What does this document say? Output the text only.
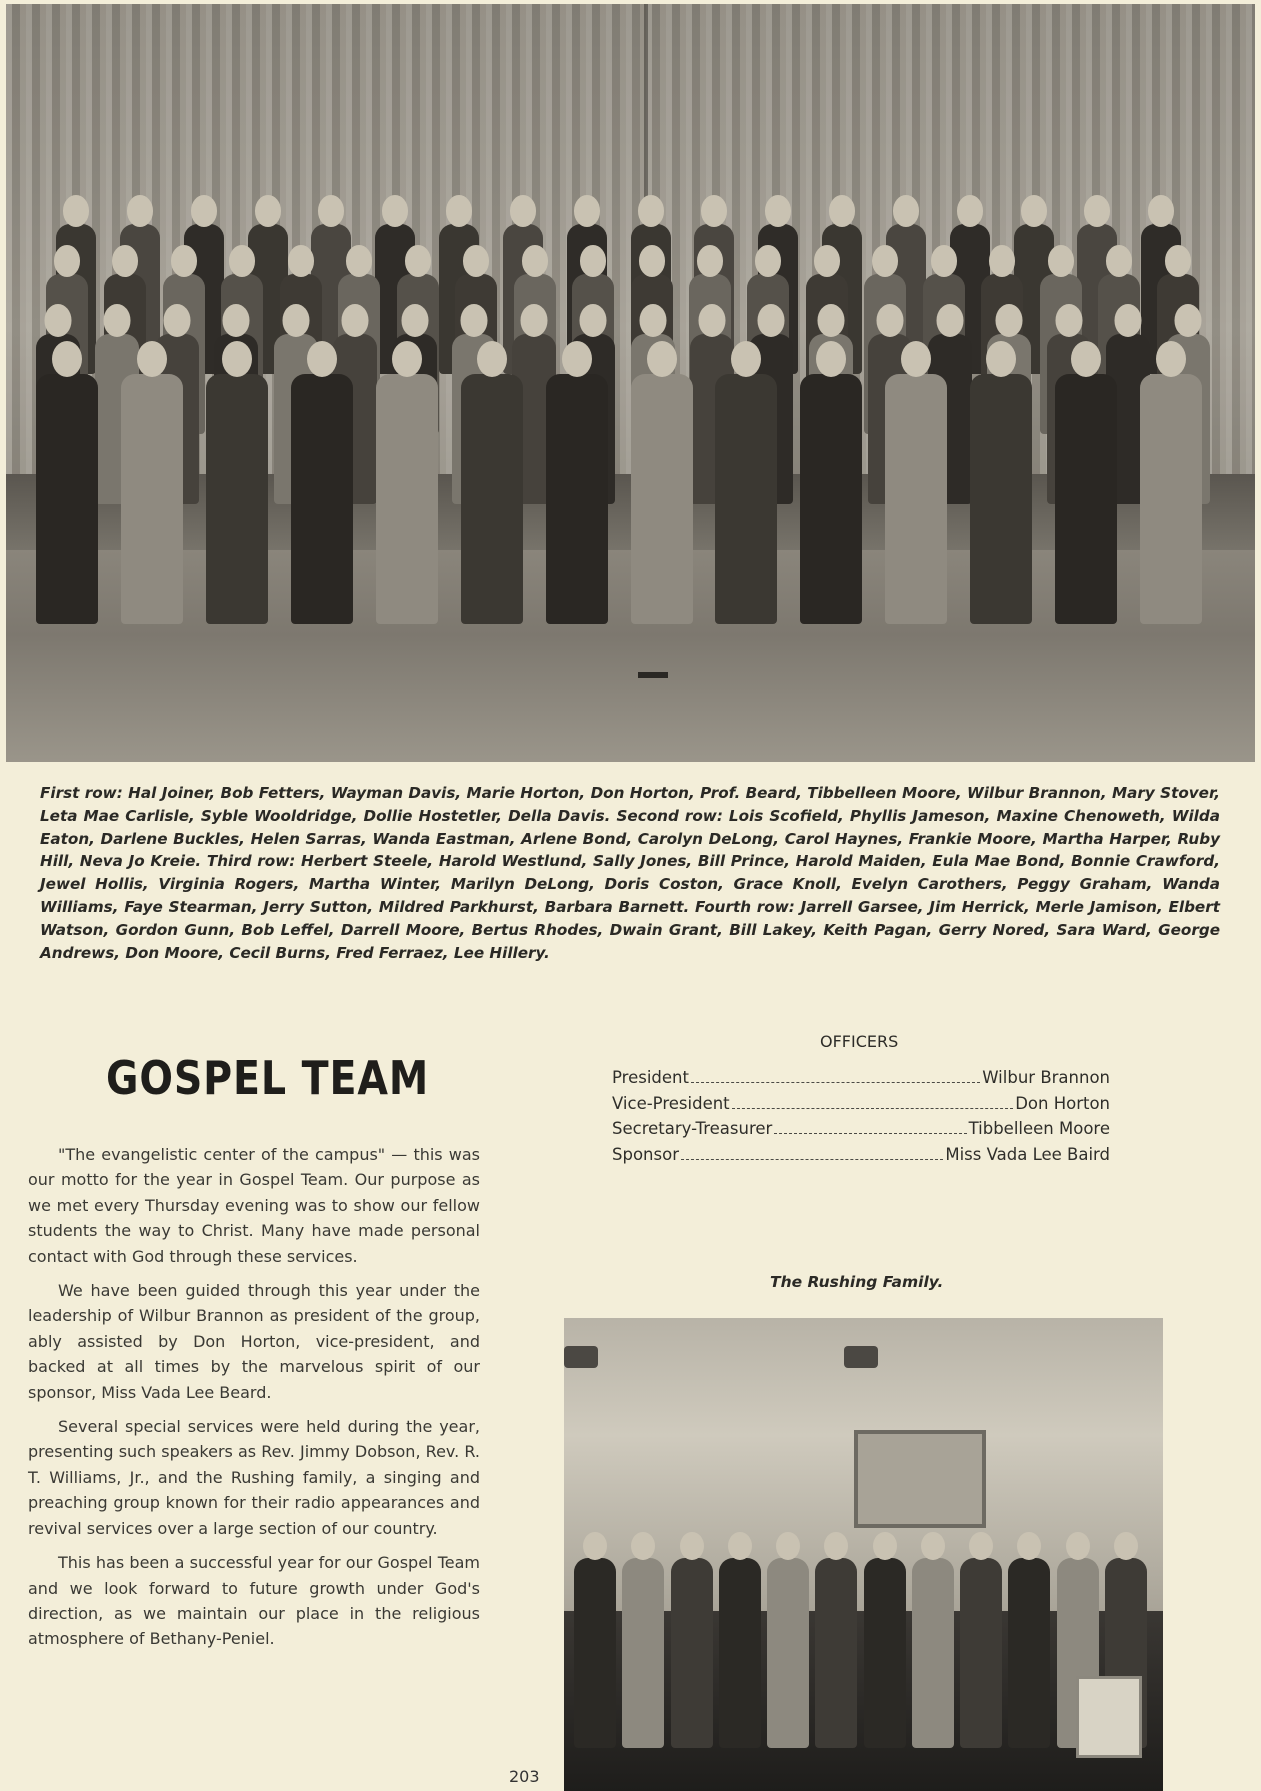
First row: Hal Joiner, Bob Fetters, Wayman Davis, Marie Horton, Don Horton, Prof. Beard, Tibbelleen Moore, Wilbur Brannon, Mary Stover, Leta Mae Carlisle, Syble Wooldridge, Dollie Hostetler, Della Davis. Second row: Lois Scofield, Phyllis Jameson, Maxine Chenoweth, Wilda Eaton, Darlene Buckles, Helen Sarras, Wanda Eastman, Arlene Bond, Carolyn DeLong, Carol Haynes, Frankie Moore, Martha Harper, Ruby Hill, Neva Jo Kreie. Third row: Herbert Steele, Harold Westlund, Sally Jones, Bill Prince, Harold Maiden, Eula Mae Bond, Bonnie Crawford, Jewel Hollis, Virginia Rogers, Martha Winter, Marilyn DeLong, Doris Coston, Grace Knoll, Evelyn Carothers, Peggy Graham, Wanda Williams, Faye Stearman, Jerry Sutton, Mildred Parkhurst, Barbara Barnett. Fourth row: Jarrell Garsee, Jim Herrick, Merle Jamison, Elbert Watson, Gordon Gunn, Bob Leffel, Darrell Moore, Bertus Rhodes, Dwain Grant, Bill Lakey, Keith Pagan, Gerry Nored, Sara Ward, George Andrews, Don Moore, Cecil Burns, Fred Ferraez, Lee Hillery.
GOSPEL TEAM

"The evangelistic center of the campus" — this was our motto for the year in Gospel Team. Our purpose as we met every Thursday evening was to show our fellow students the way to Christ. Many have made personal contact with God through these services.

We have been guided through this year under the leadership of Wilbur Brannon as president of the group, ably assisted by Don Horton, vice-president, and backed at all times by the marvelous spirit of our sponsor, Miss Vada Lee Beard.

Several special services were held during the year, presenting such speakers as Rev. Jimmy Dobson, Rev. R. T. Williams, Jr., and the Rushing family, a singing and preaching group known for their radio appearances and revival services over a large section of our country.

This has been a successful year for our Gospel Team and we look forward to future growth under God's direction, as we maintain our place in the religious atmosphere of Bethany-Peniel.

OFFICERS
President	Wilbur Brannon
Vice-President	Don Horton
Secretary-Treasurer	Tibbelleen Moore
Sponsor	Miss Vada Lee Baird
The Rushing Family.
203
